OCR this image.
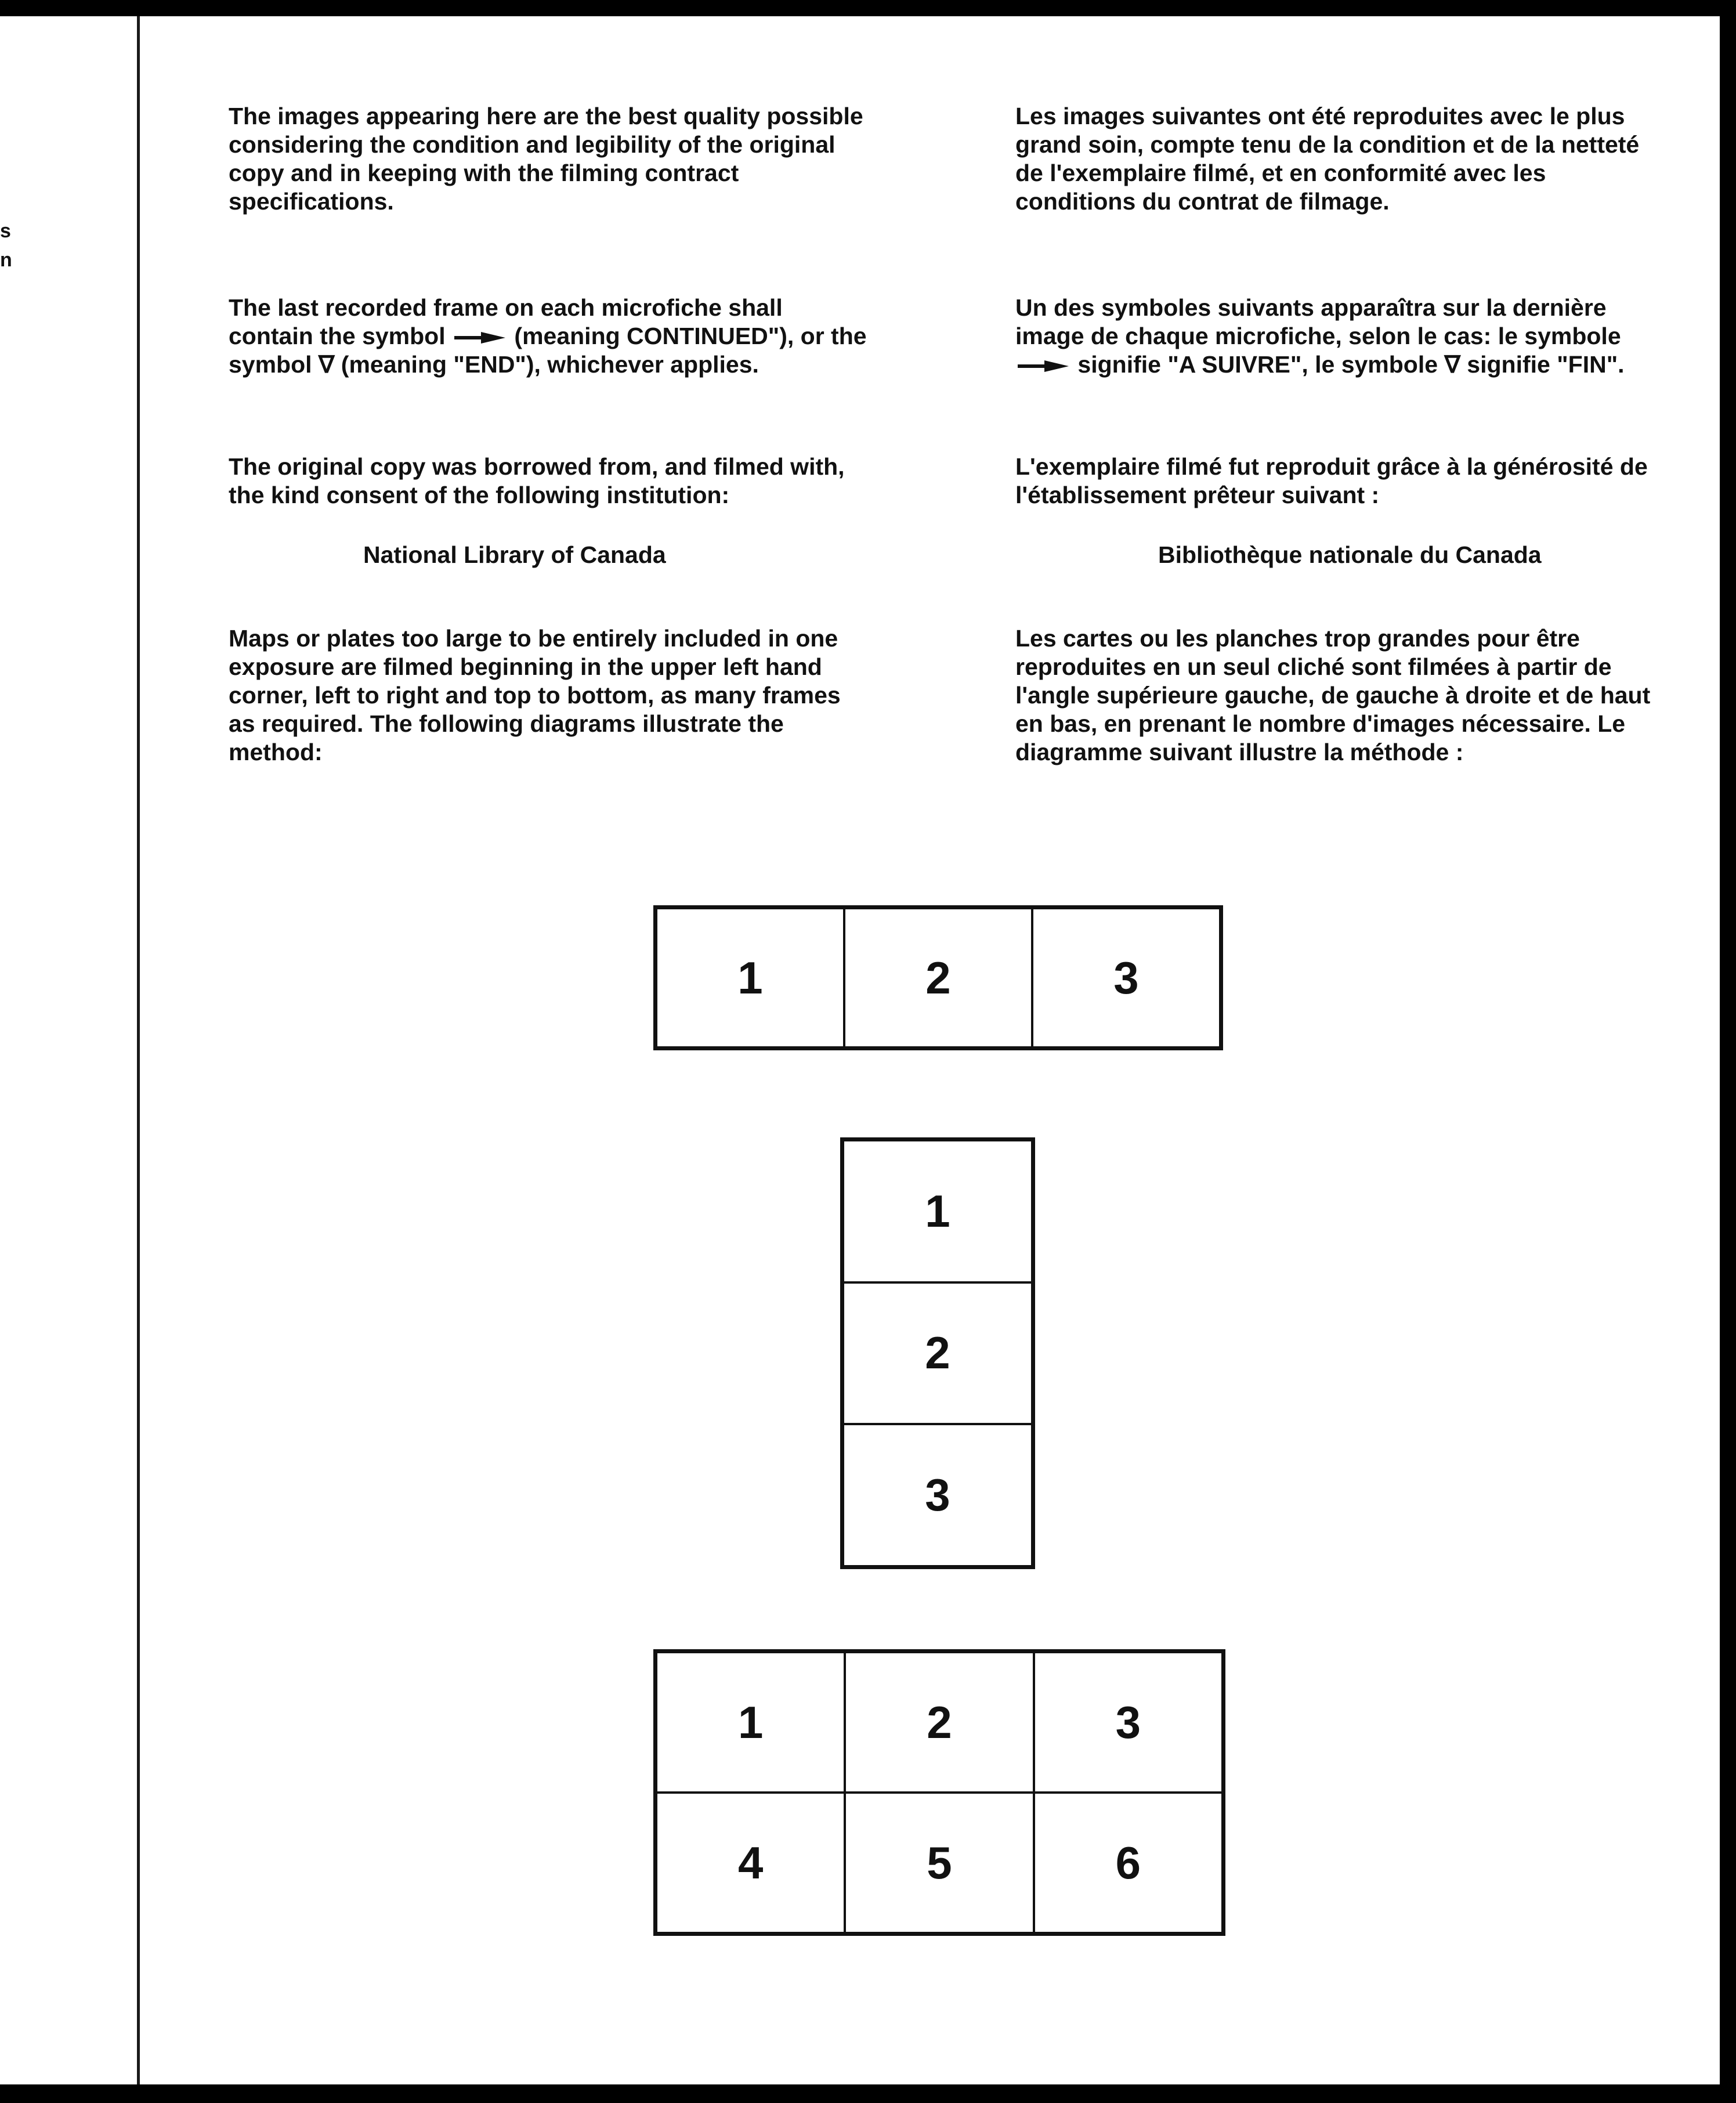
s
n

The images appearing here are the best quality possible considering the condition and legibility of the original copy and in keeping with the filming contract specifications.

The last recorded frame on each microfiche shall contain the symbol	(meaning CONTINUED"), or the symbol ∇ (meaning "END"), whichever applies.

The original copy was borrowed from, and filmed with, the kind consent of the following institution:

National Library of Canada

Maps or plates too large to be entirely included in one exposure are filmed beginning in the upper left hand corner, left to right and top to bottom, as many frames as required. The following diagrams illustrate the method:

Les images suivantes ont été reproduites avec le plus grand soin, compte tenu de la condition et de la netteté de l'exemplaire filmé, et en conformité avec les conditions du contrat de filmage.

Un des symboles suivants apparaîtra sur la dernière image de chaque microfiche, selon le cas: le symbole  signifie "A SUIVRE", le symbole ∇ signifie "FIN".

L'exemplaire filmé fut reproduit grâce à la générosité de l'établissement prêteur suivant :

Bibliothèque nationale du Canada

Les cartes ou les planches trop grandes pour être reproduites en un seul cliché sont filmées à partir de l'angle supérieure gauche, de gauche à droite et de haut en bas, en prenant le nombre d'images nécessaire. Le diagramme suivant illustre la méthode :

1	2	3
1
2
3
1	2	3
4	5	6
